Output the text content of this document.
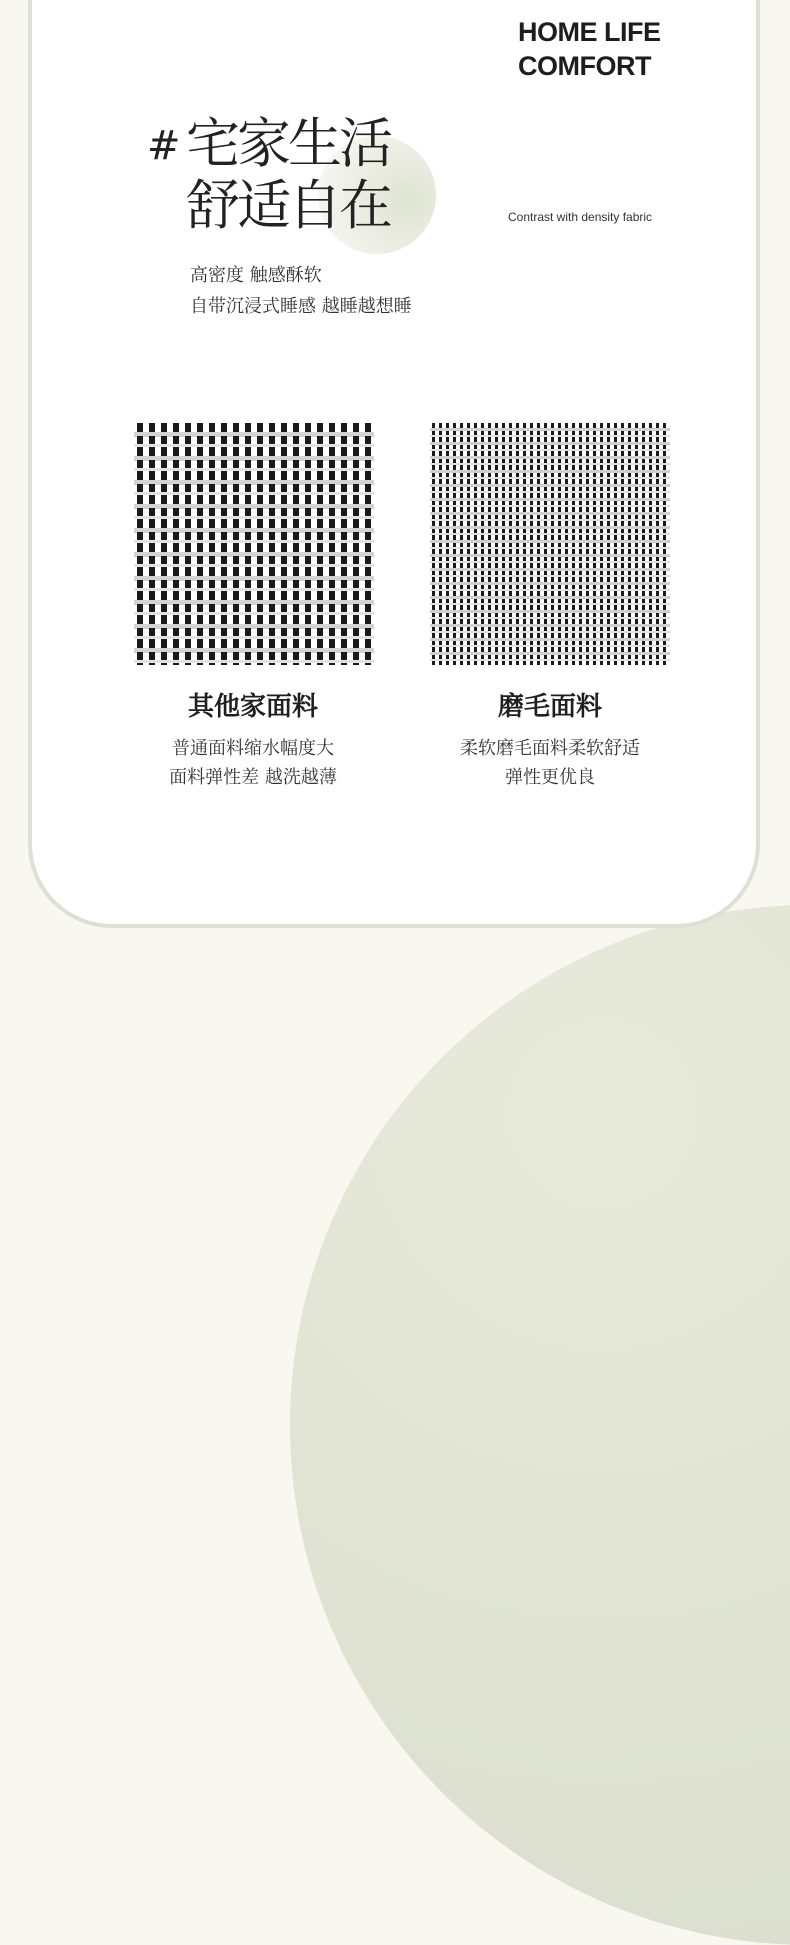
HOME LIFE
COMFORT
# 宅家生活
舒适自在	Contrast with density fabric
高密度 触感酥软
自带沉浸式睡感 越睡越想睡
其他家面料
普通面料缩水幅度大
面料弹性差 越洗越薄
磨毛面料
柔软磨毛面料柔软舒适
弹性更优良
